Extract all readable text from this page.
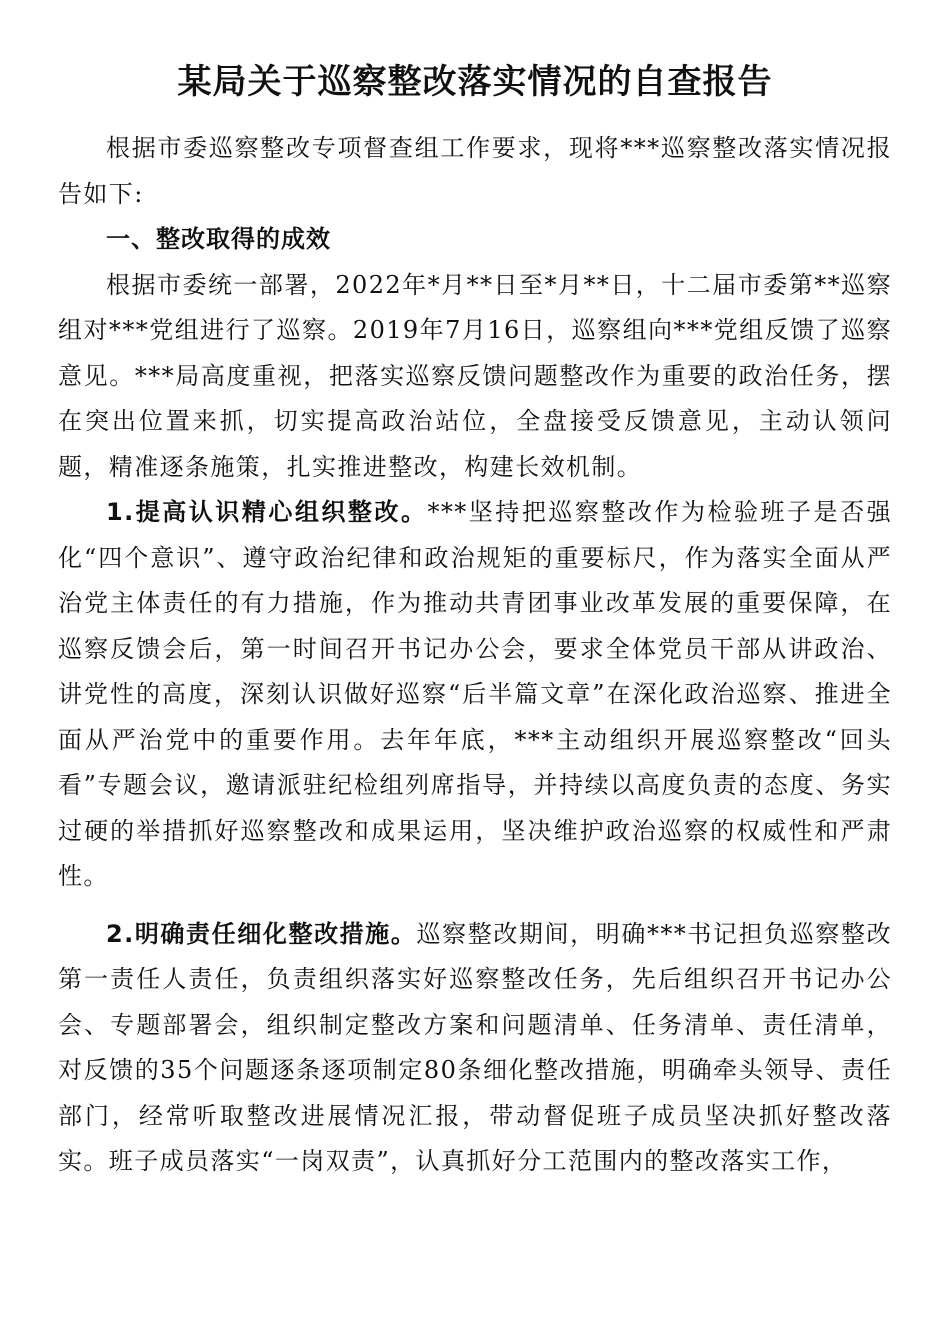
某局关于巡察整改落实情况的自查报告

根据市委巡察整改专项督查组工作要求，现将***巡察整改落实情况报告如下:

一、整改取得的成效

根据市委统一部署，2022年*月**日至*月**日，十二届市委第**巡察组对***党组进行了巡察。2019年7月16日，巡察组向***党组反馈了巡察意见。***局高度重视，把落实巡察反馈问题整改作为重要的政治任务，摆在突出位置来抓，切实提高政治站位，全盘接受反馈意见，主动认领问题，精准逐条施策，扎实推进整改，构建长效机制。

1.提高认识精心组织整改。***坚持把巡察整改作为检验班子是否强化“四个意识”、遵守政治纪律和政治规矩的重要标尺，作为落实全面从严治党主体责任的有力措施，作为推动共青团事业改革发展的重要保障，在巡察反馈会后，第一时间召开书记办公会，要求全体党员干部从讲政治、讲党性的高度，深刻认识做好巡察“后半篇文章”在深化政治巡察、推进全面从严治党中的重要作用。去年年底，***主动组织开展巡察整改“回头看”专题会议，邀请派驻纪检组列席指导，并持续以高度负责的态度、务实过硬的举措抓好巡察整改和成果运用，坚决维护政治巡察的权威性和严肃性。

2.明确责任细化整改措施。巡察整改期间，明确***书记担负巡察整改第一责任人责任，负责组织落实好巡察整改任务，先后组织召开书记办公会、专题部署会，组织制定整改方案和问题清单、任务清单、责任清单，对反馈的35个问题逐条逐项制定80条细化整改措施，明确牵头领导、责任部门，经常听取整改进展情况汇报，带动督促班子成员坚决抓好整改落实。班子成员落实“一岗双责”，认真抓好分工范围内的整改落实工作，
